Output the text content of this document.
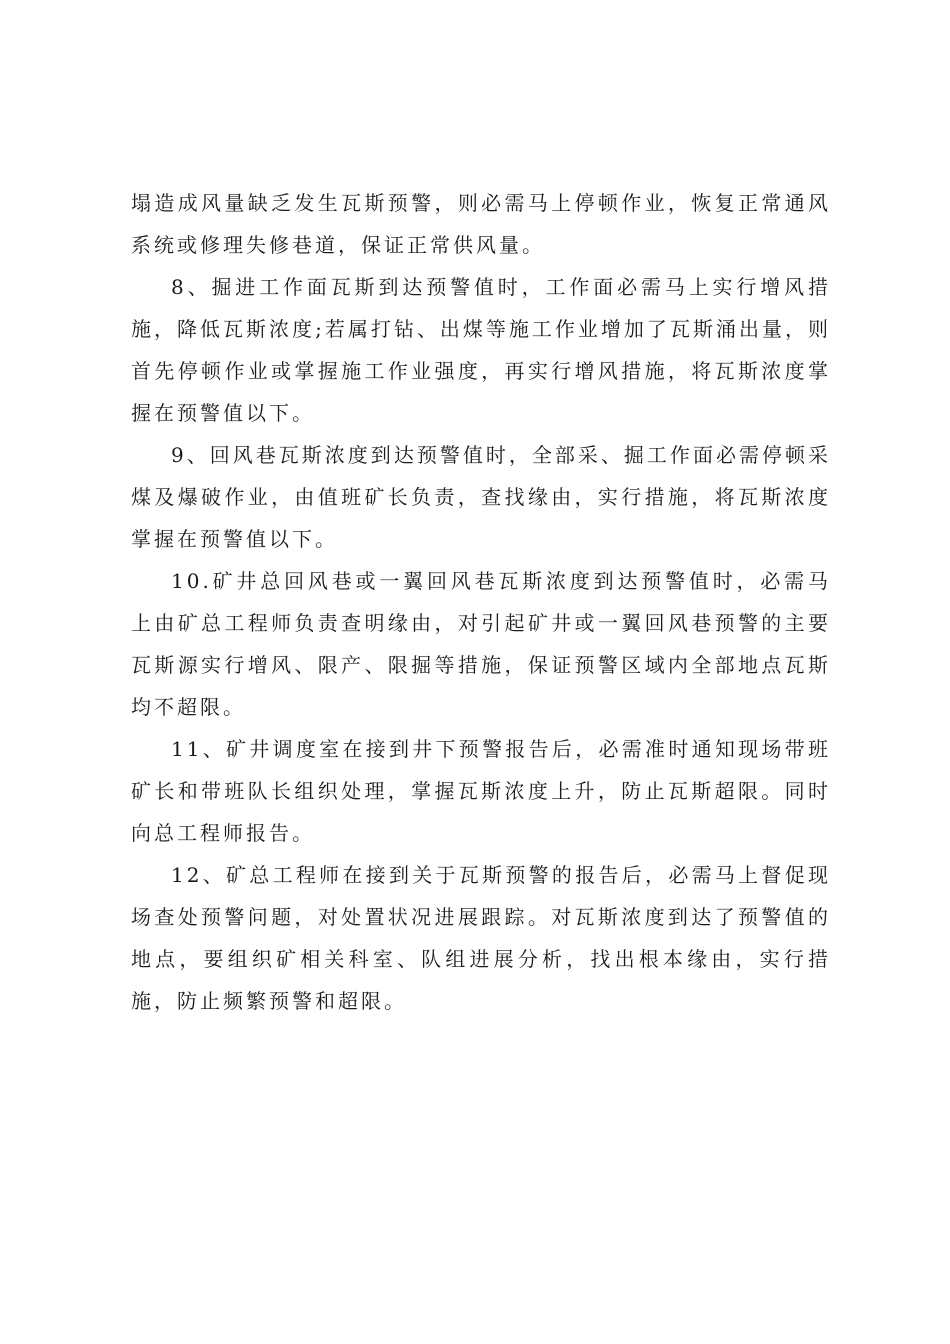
塌造成风量缺乏发生瓦斯预警，则必需马上停顿作业，恢复正常通风系统或修理失修巷道，保证正常供风量。

8、掘进工作面瓦斯到达预警值时，工作面必需马上实行增风措施，降低瓦斯浓度;若属打钻、出煤等施工作业增加了瓦斯涌出量，则首先停顿作业或掌握施工作业强度，再实行增风措施，将瓦斯浓度掌握在预警值以下。

9、回风巷瓦斯浓度到达预警值时，全部采、掘工作面必需停顿采煤及爆破作业，由值班矿长负责，查找缘由，实行措施，将瓦斯浓度掌握在预警值以下。

10.矿井总回风巷或一翼回风巷瓦斯浓度到达预警值时，必需马上由矿总工程师负责查明缘由，对引起矿井或一翼回风巷预警的主要瓦斯源实行增风、限产、限掘等措施，保证预警区域内全部地点瓦斯均不超限。

11、矿井调度室在接到井下预警报告后，必需准时通知现场带班矿长和带班队长组织处理，掌握瓦斯浓度上升，防止瓦斯超限。同时向总工程师报告。

12、矿总工程师在接到关于瓦斯预警的报告后，必需马上督促现场查处预警问题，对处置状况进展跟踪。对瓦斯浓度到达了预警值的地点，要组织矿相关科室、队组进展分析，找出根本缘由，实行措施，防止频繁预警和超限。
